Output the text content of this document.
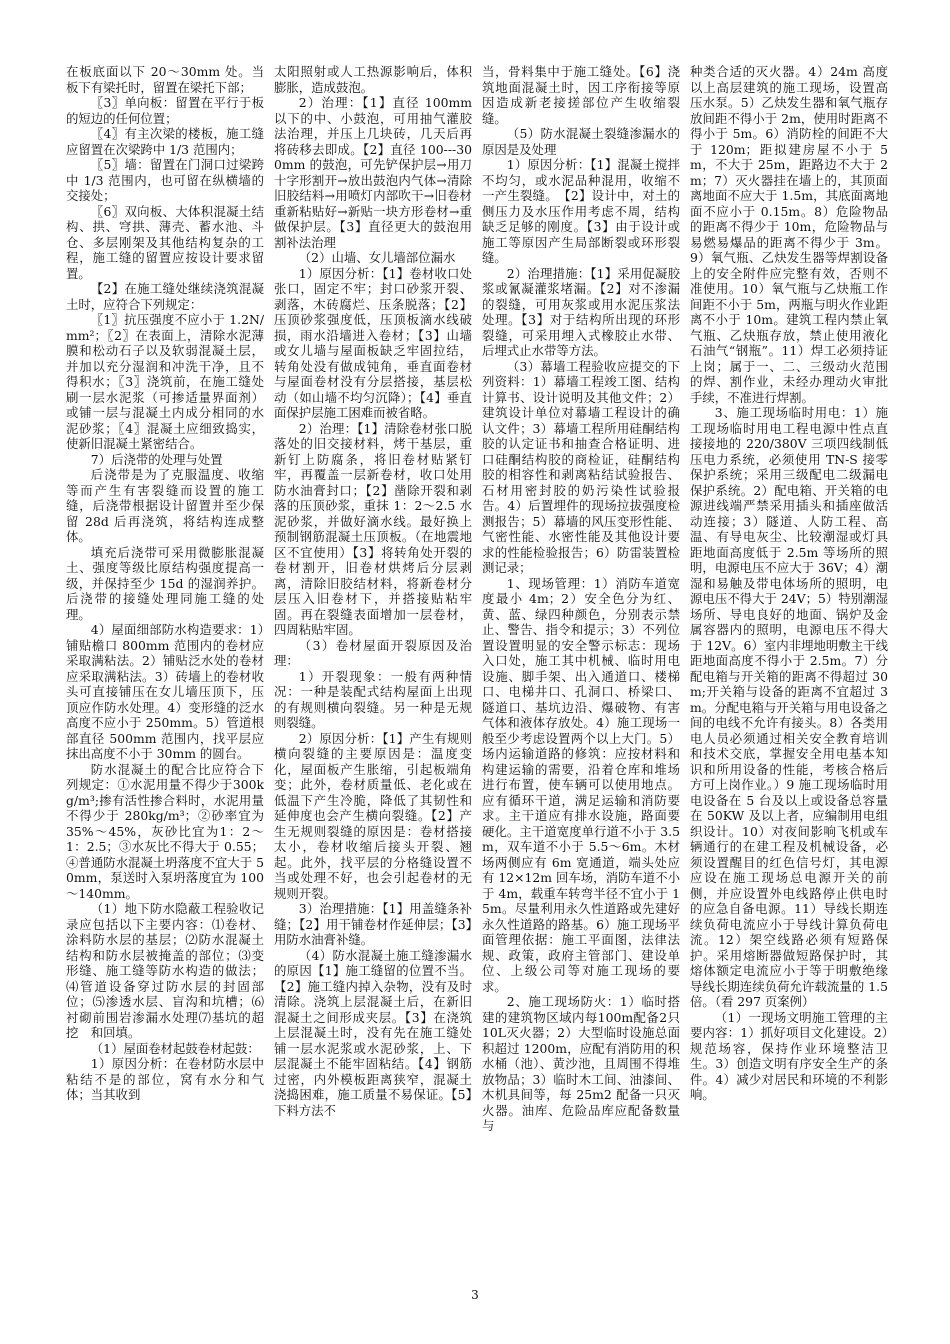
在板底面以下 20～30mm 处。当板下有梁托时，留置在梁托下部；

〖3〗单向板：留置在平行于板的短边的任何位置；

〖4〗有主次梁的楼板，施工缝应留置在次梁跨中 1/3 范围内；

〖5〗墙：留置在门洞口过梁跨中 1/3 范围内，也可留在纵横墙的交接处；

〖6〗双向板、大体积混凝土结构、拱、穹拱、薄壳、蓄水池、斗仓、多层刚架及其他结构复杂的工程，施工缝的留置应按设计要求留置。

【2】在施工缝处继续浇筑混凝土时，应符合下列规定：

〖1〗抗压强度不应小于 1.2N/mm²；〖2〗在表面上，清除水泥薄膜和松动石子以及软弱混凝土层，并加以充分湿润和冲洗干净，且不得积水；〖3〗浇筑前，在施工缝处刷一层水泥浆（可掺适量界面剂）或铺一层与混凝土内成分相同的水泥砂浆；〖4〗混凝土应细致捣实，使新旧混凝土紧密结合。

7）后浇带的处理与处置

后浇带是为了克服温度、收缩等而产生有害裂缝而设置的施工缝，后浇带根据设计留置并至少保留 28d 后再浇筑，将结构连成整体。

填充后浇带可采用微膨胀混凝土、强度等级比原结构强度提高一级，并保持至少 15d 的湿润养护。后浇带的接缝处理同施工缝的处理。

4）屋面细部防水构造要求：1）铺贴檐口 800mm 范围内的卷材应采取满粘法。2）铺贴泛水处的卷材应采取满粘法。3）砖墙上的卷材收头可直接铺压在女儿墙压顶下，压顶应作防水处理。4）变形缝的泛水高度不应小于 250mm。5）管道根部直径 500mm 范围内，找平层应抹出高度不小于 30mm 的圆台。

防水混凝土的配合比应符合下列规定：①水泥用量不得少于300kg/m³;掺有活性掺合料时，水泥用量不得少于 280kg/m³；②砂率宜为 35%～45%，灰砂比宜为1：2～1：2.5；③水灰比不得大于 0.55；④普通防水混凝土坍落度不宜大于 50mm，泵送时入泵坍落度宜为 100～140mm。

（1）地下防水隐蔽工程验收记录应包括以下主要内容：⑴卷材、涂料防水层的基层；⑵防水混凝土结构和防水层被掩盖的部位；⑶变形缝、施工缝等防水构造的做法；⑷管道设备穿过防水层的封固部位；⑸渗透水层、盲沟和坑槽；⑹衬砌前围岩渗漏水处理⑺基坑的超挖　和回填。

（1）屋面卷材起鼓卷材起鼓：

1）原因分析：在卷材防水层中粘结不是的部位，窝有水分和气体；当其收到

太阳照射或人工热源影响后，体积膨胀，造成鼓泡。

2）治理：【1】直径 100mm 以下的中、小鼓泡，可用抽气灌胶法治理，并压上几块砖，几天后再将砖移去即成。【2】直径 100---300mm 的鼓泡，可先铲保护层→用刀十字形割开→放出鼓泡内气体→清除旧胶结料→用喷灯内部吹干→旧卷材重新粘贴好→新贴一块方形卷材→重做保护层。【3】直径更大的鼓泡用割补法治理

（2）山墙、女儿墙部位漏水

1）原因分析：【1】卷材收口处张口，固定不牢；封口砂浆开裂、剥落，木砖腐烂、压条脱落；【2】压顶砂浆强度低，压顶板滴水线破损，雨水沿墙进入卷材；【3】山墙或女儿墙与屋面板缺乏牢固拉结，转角处没有做成钝角，垂直面卷材与屋面卷材没有分层搭接，基层松动（如山墙不均匀沉降）；【4】垂直面保护层施工困难而被省略。

2）治理：【1】清除卷材张口脱落处的旧交接材料，烤干基层，重新钉上防腐条，将旧卷材贴紧钉牢，再覆盖一层新卷材，收口处用防水油膏封口；【2】凿除开裂和剥落的压顶砂浆，重抹 1：2～2.5 水泥砂浆，并做好滴水线。最好换上预制钢筋混凝土压顶板。（在地震地区不宜使用）【3】将转角处开裂的卷材割开，旧卷材烘烤后分层剥离，清除旧胶结材料，将新卷材分层压入旧卷材下，并搭接贴粘牢固。再在裂缝表面增加一层卷材，四周粘贴牢固。

（3）卷材屋面开裂原因及治理：

1）开裂现象：一般有两种情况：一种是装配式结构屋面上出现的有规则横向裂缝。另一种是无规则裂缝。

2）原因分析：【1】产生有规则横向裂缝的主要原因是：温度变化，屋面板产生胀缩，引起板端角变；此外，卷材质量低、老化或在低温下产生冷脆，降低了其韧性和延伸度也会产生横向裂缝。【2】产生无规则裂缝的原因是：卷材搭接太小，卷材收缩后接头开裂、翘起。此外，找平层的分格缝设置不当或处理不好，也会引起卷材的无规则开裂。

3）治理措施：【1】用盖缝条补缝；【2】用干铺卷材作延伸层；【3】用防水油膏补缝。

（4）防水混凝土施工缝渗漏水的原因【1】施工缝留的位置不当。【2】施工缝内掉入杂物，没有及时清除。浇筑上层混凝土后，在新旧混凝土之间形成夹层。【3】在浇筑上层混凝土时，没有先在施工缝处铺一层水泥浆或水泥砂浆，上、下层混凝土不能牢固粘结。【4】钢筋过密，内外模板距离狭窄，混凝土浇捣困难，施工质量不易保证。【5】下料方法不

当，骨料集中于施工缝处。【6】浇筑地面混凝土时，因工序衔接等原因造成新老接搓部位产生收缩裂缝。

（5）防水混凝土裂缝渗漏水的原因是及处理

1）原因分析：【1】混凝土搅拌不均匀，或水泥品种混用，收缩不一产生裂缝。　【2】设计中，对土的侧压力及水压作用考虑不周，结构缺乏足够的刚度。【3】由于设计或施工等原因产生局部断裂或环形裂缝。

2）治理措施：【1】采用促凝胶浆或氰凝灌浆堵漏。【2】对不渗漏的裂缝，可用灰浆或用水泥压浆法处理。【3】对于结构所出现的环形裂缝，可采用埋入式橡胶止水带、后埋式止水带等方法。

（3）幕墙工程验收应提交的下列资料：1）幕墙工程竣工图、结构计算书、设计说明及其他文件；2）建筑设计单位对幕墙工程设计的确认文件；3）幕墙工程所用硅酮结构胶的认定证书和抽查合格证明、进口硅酮结构胶的商检证，硅酮结构胶的相容性和剥离粘结试验报告、石材用密封胶的奶污染性试验报告。4）后置埋件的现场拉拔强度检测报告；5）幕墙的风压变形性能、气密性能、水密性能及其他设计要求的性能检验报告；6）防雷装置检测记录；

1、现场管理：1）消防车道宽度最小 4m；2）安全色分为红、黄、蓝、绿四种颜色，分别表示禁止、警告、指令和提示；3）不列位置设置明显的安全警示标志：现场入口处，施工其中机械、临时用电设施、脚手架、出入通道口、楼梯口、电梯井口、孔洞口、桥梁口、隧道口、基坑边沿、爆破物、有害气体和液体存放处。4）施工现场一般至少考虑设置两个以上大门。5）场内运输道路的修筑：应按材料和构建运输的需要，沿着仓库和堆场进行布置，使车辆可以使用地点。应有循环干道，满足运输和消防要求。主干道应有排水设施，路面要硬化。主干道宽度单行道不小于 3.5m，双车道不小于 5.5～6m。木材场两侧应有 6m 宽通道，端头处应有 12×12m 回车场，消防车道不小于 4m，载重车转弯半径不宜小于 15m。尽量利用永久性道路或先建好永久性道路的路基。6）施工现场平面管理依据：施工平面图，法律法规、政策，政府主管部门、建设单位、上级公司等对施工现场的要求。

2、施工现场防火：1）临时搭建的建筑物区域内每100m配备2只10L灭火器；2）大型临时设施总面积超过 1200m，应配有消防用的积水桶（池）、黄沙池，且周围不得堆放物品；3）临时木工间、油漆间、木机具间等，每 25m2 配备一只灭火器。油库、危险品库应配备数量与

种类合适的灭火器。4）24m 高度以上高层建筑的施工现场，设置高压水泵。5）乙炔发生器和氧气瓶存放间距不得小于 2m，使用时距离不得小于 5m。6）消防栓的间距不大于 120m；距拟建房屋不小于 5m，不大于 25m，距路边不大于 2m；7）灭火器挂在墙上的，其顶面离地面不应大于 1.5m，其底面离地面不应小于 0.15m。8）危险物品的距离不得少于 10m，危险物品与易燃易爆品的距离不得少于 3m。9）氧气瓶、乙炔发生器等焊割设备上的安全附件应完整有效，否则不准使用。10）氧气瓶与乙炔瓶工作间距不小于 5m，两瓶与明火作业距离不小于 10m。建筑工程内禁止氧气瓶、乙炔瓶存放，禁止使用液化石油气“钢瓶”。11）焊工必须持证上岗；属于一、二、三级动火范围的焊、割作业，未经办理动火审批手续，不准进行焊割。

3、施工现场临时用电：1）施工现场临时用电工程电源中性点直接接地的 220/380V 三项四线制低压电力系统，必须使用 TN-S 接零保护系统；采用三级配电二级漏电保护系统。2）配电箱、开关箱的电源进线端严禁采用插头和插座做活动连接；3）隧道、人防工程、高温、有导电灰尘、比较潮湿或灯具距地面高度低于 2.5m 等场所的照明，电源电压不应大于 36V；4）潮湿和易触及带电体场所的照明，电源电压不得大于 24V；5）特别潮湿场所、导电良好的地面、锅炉及金属容器内的照明，电源电压不得大于 12V。6）室内非埋地明敷主干线距地面高度不得小于 2.5m。7）分配电箱与开关箱的距离不得超过 30m;开关箱与设备的距离不宜超过 3m。分配电箱与开关箱与用电设备之间的电线不允许有接头。8）各类用电人员必须通过相关安全教育培训和技术交底，掌握安全用电基本知识和所用设备的性能，考核合格后方可上岗作业。）9 施工现场临时用电设备在 5 台及以上或设备总容量在 50KW 及以上者，应编制用电组织设计。10）对夜间影响飞机或车辆通行的在建工程及机械设备，必须设置醒目的红色信号灯，其电源应设在施工现场总电源开关的前侧，并应设置外电线路停止供电时的应急自备电源。11）导线长期连续负荷电流应小于导线计算负荷电流。12）架空线路必须有短路保护。采用熔断器做短路保护时，其熔体额定电流应小于等于明敷绝缘导线长期连续负荷允许载流量的 1.5 倍。（看 297 页案例）

（1）一现场文明施工管理的主要内容：1）抓好项目文化建设。2）规范场容，保持作业环境整洁卫生。3）创造文明有序安全生产的条件。4）减少对居民和环境的不利影响。

3
